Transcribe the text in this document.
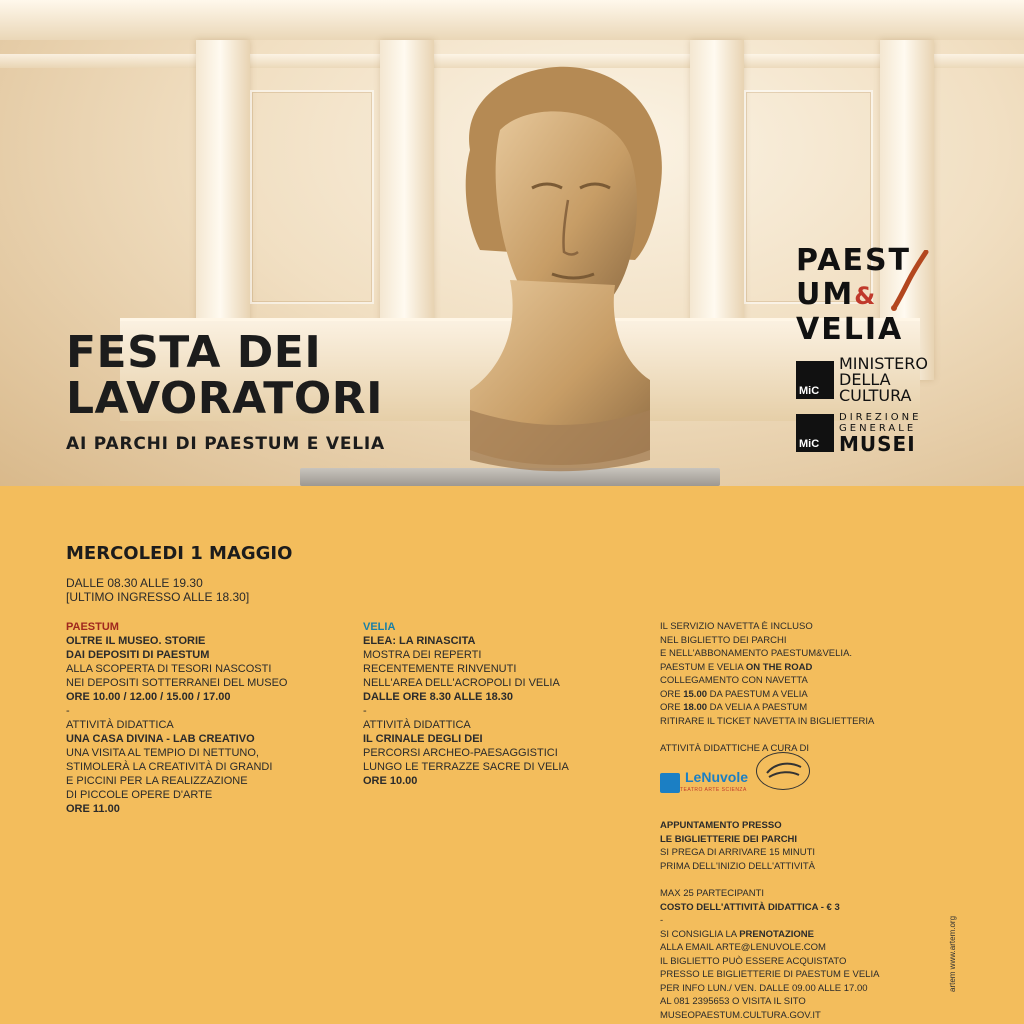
FESTA DEI
LAVORATORI
AI PARCHI DI PAESTUM E VELIA
PAEST
UM&
VELIA
MiC
MINISTERO
DELLA
CULTURA
MiC
DIREZIONE
GENERALE
MUSEI
MERCOLEDI 1 MAGGIO
DALLE 08.30 ALLE 19.30
[ULTIMO INGRESSO ALLE 18.30]
PAESTUM
OLTRE IL MUSEO. STORIE
DAI DEPOSITI DI PAESTUM
ALLA SCOPERTA DI TESORI NASCOSTI
NEI DEPOSITI SOTTERRANEI DEL MUSEO
ORE 10.00 / 12.00 / 15.00 / 17.00
-
ATTIVITÀ DIDATTICA
UNA CASA DIVINA - LAB CREATIVO
UNA VISITA AL TEMPIO DI NETTUNO,
STIMOLERÀ LA CREATIVITÀ DI GRANDI
E PICCINI PER LA REALIZZAZIONE
DI PICCOLE OPERE D'ARTE
ORE 11.00
VELIA
ELEA: LA RINASCITA
MOSTRA DEI REPERTI
RECENTEMENTE RINVENUTI
NELL'AREA DELL'ACROPOLI DI VELIA
DALLE ORE 8.30 ALLE 18.30
-
ATTIVITÀ DIDATTICA
IL CRINALE DEGLI DEI
PERCORSI ARCHEO-PAESAGGISTICI
LUNGO LE TERRAZZE SACRE DI VELIA
ORE 10.00
IL SERVIZIO NAVETTA È INCLUSO
NEL BIGLIETTO DEI PARCHI
E NELL'ABBONAMENTO PAESTUM&VELIA.
PAESTUM E VELIA ON THE ROAD
COLLEGAMENTO CON NAVETTA
ORE 15.00 DA PAESTUM A VELIA
ORE 18.00 DA VELIA A PAESTUM
RITIRARE IL TICKET NAVETTA IN BIGLIETTERIA
ATTIVITÀ DIDATTICHE A CURA DI
LeNuvole
TEATRO ARTE SCIENZA
APPUNTAMENTO PRESSO
LE BIGLIETTERIE DEI PARCHI
SI PREGA DI ARRIVARE 15 MINUTI
PRIMA DELL'INIZIO DELL'ATTIVITÀ
MAX 25 PARTECIPANTI
COSTO DELL'ATTIVITÀ DIDATTICA - € 3
-
SI CONSIGLIA LA PRENOTAZIONE
ALLA EMAIL ARTE@LENUVOLE.COM
IL BIGLIETTO PUÒ ESSERE ACQUISTATO
PRESSO LE BIGLIETTERIE DI PAESTUM E VELIA
PER INFO LUN./ VEN. DALLE 09.00 ALLE 17.00
AL 081 2395653 O VISITA IL SITO
MUSEOPAESTUM.CULTURA.GOV.IT
artem www.artem.org
